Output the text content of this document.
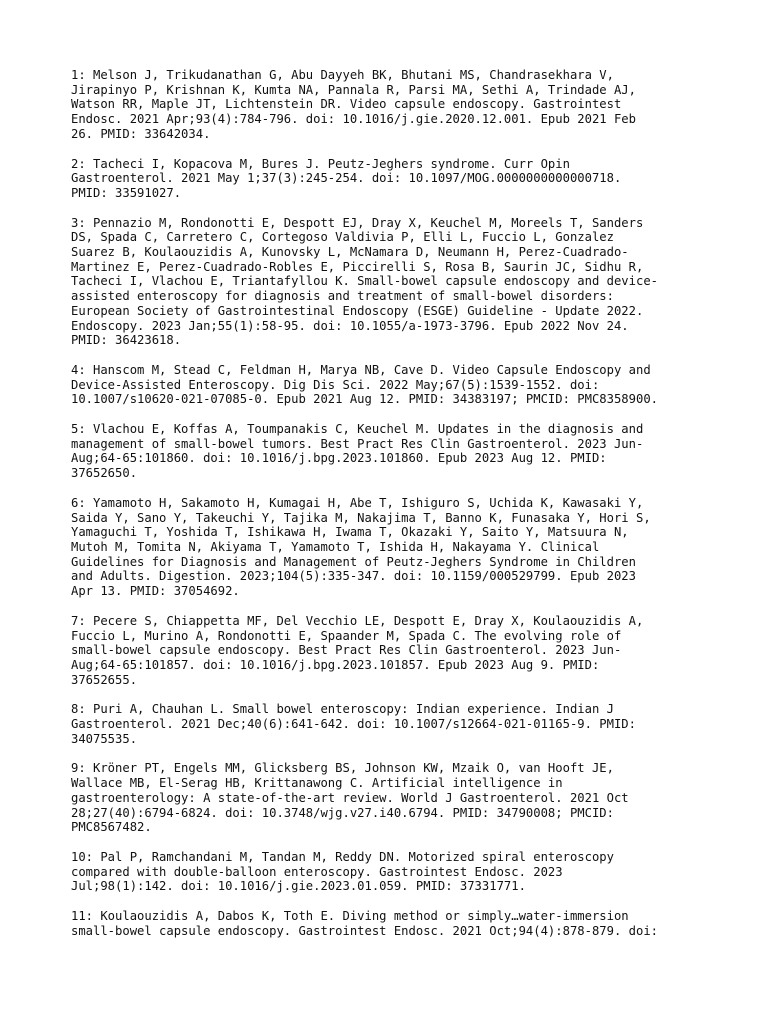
1: Melson J, Trikudanathan G, Abu Dayyeh BK, Bhutani MS, Chandrasekhara V,
Jirapinyo P, Krishnan K, Kumta NA, Pannala R, Parsi MA, Sethi A, Trindade AJ,
Watson RR, Maple JT, Lichtenstein DR. Video capsule endoscopy. Gastrointest
Endosc. 2021 Apr;93(4):784-796. doi: 10.1016/j.gie.2020.12.001. Epub 2021 Feb
26. PMID: 33642034.

2: Tacheci I, Kopacova M, Bures J. Peutz-Jeghers syndrome. Curr Opin
Gastroenterol. 2021 May 1;37(3):245-254. doi: 10.1097/MOG.0000000000000718.
PMID: 33591027.

3: Pennazio M, Rondonotti E, Despott EJ, Dray X, Keuchel M, Moreels T, Sanders
DS, Spada C, Carretero C, Cortegoso Valdivia P, Elli L, Fuccio L, Gonzalez
Suarez B, Koulaouzidis A, Kunovsky L, McNamara D, Neumann H, Perez-Cuadrado-
Martinez E, Perez-Cuadrado-Robles E, Piccirelli S, Rosa B, Saurin JC, Sidhu R,
Tacheci I, Vlachou E, Triantafyllou K. Small-bowel capsule endoscopy and device-
assisted enteroscopy for diagnosis and treatment of small-bowel disorders:
European Society of Gastrointestinal Endoscopy (ESGE) Guideline - Update 2022.
Endoscopy. 2023 Jan;55(1):58-95. doi: 10.1055/a-1973-3796. Epub 2022 Nov 24.
PMID: 36423618.

4: Hanscom M, Stead C, Feldman H, Marya NB, Cave D. Video Capsule Endoscopy and
Device-Assisted Enteroscopy. Dig Dis Sci. 2022 May;67(5):1539-1552. doi:
10.1007/s10620-021-07085-0. Epub 2021 Aug 12. PMID: 34383197; PMCID: PMC8358900.

5: Vlachou E, Koffas A, Toumpanakis C, Keuchel M. Updates in the diagnosis and
management of small-bowel tumors. Best Pract Res Clin Gastroenterol. 2023 Jun-
Aug;64-65:101860. doi: 10.1016/j.bpg.2023.101860. Epub 2023 Aug 12. PMID:
37652650.

6: Yamamoto H, Sakamoto H, Kumagai H, Abe T, Ishiguro S, Uchida K, Kawasaki Y,
Saida Y, Sano Y, Takeuchi Y, Tajika M, Nakajima T, Banno K, Funasaka Y, Hori S,
Yamaguchi T, Yoshida T, Ishikawa H, Iwama T, Okazaki Y, Saito Y, Matsuura N,
Mutoh M, Tomita N, Akiyama T, Yamamoto T, Ishida H, Nakayama Y. Clinical
Guidelines for Diagnosis and Management of Peutz-Jeghers Syndrome in Children
and Adults. Digestion. 2023;104(5):335-347. doi: 10.1159/000529799. Epub 2023
Apr 13. PMID: 37054692.

7: Pecere S, Chiappetta MF, Del Vecchio LE, Despott E, Dray X, Koulaouzidis A,
Fuccio L, Murino A, Rondonotti E, Spaander M, Spada C. The evolving role of
small-bowel capsule endoscopy. Best Pract Res Clin Gastroenterol. 2023 Jun-
Aug;64-65:101857. doi: 10.1016/j.bpg.2023.101857. Epub 2023 Aug 9. PMID:
37652655.

8: Puri A, Chauhan L. Small bowel enteroscopy: Indian experience. Indian J
Gastroenterol. 2021 Dec;40(6):641-642. doi: 10.1007/s12664-021-01165-9. PMID:
34075535.

9: Kröner PT, Engels MM, Glicksberg BS, Johnson KW, Mzaik O, van Hooft JE,
Wallace MB, El-Serag HB, Krittanawong C. Artificial intelligence in
gastroenterology: A state-of-the-art review. World J Gastroenterol. 2021 Oct
28;27(40):6794-6824. doi: 10.3748/wjg.v27.i40.6794. PMID: 34790008; PMCID:
PMC8567482.

10: Pal P, Ramchandani M, Tandan M, Reddy DN. Motorized spiral enteroscopy
compared with double-balloon enteroscopy. Gastrointest Endosc. 2023
Jul;98(1):142. doi: 10.1016/j.gie.2023.01.059. PMID: 37331771.

11: Koulaouzidis A, Dabos K, Toth E. Diving method or simply…water-immersion
small-bowel capsule endoscopy. Gastrointest Endosc. 2021 Oct;94(4):878-879. doi:
